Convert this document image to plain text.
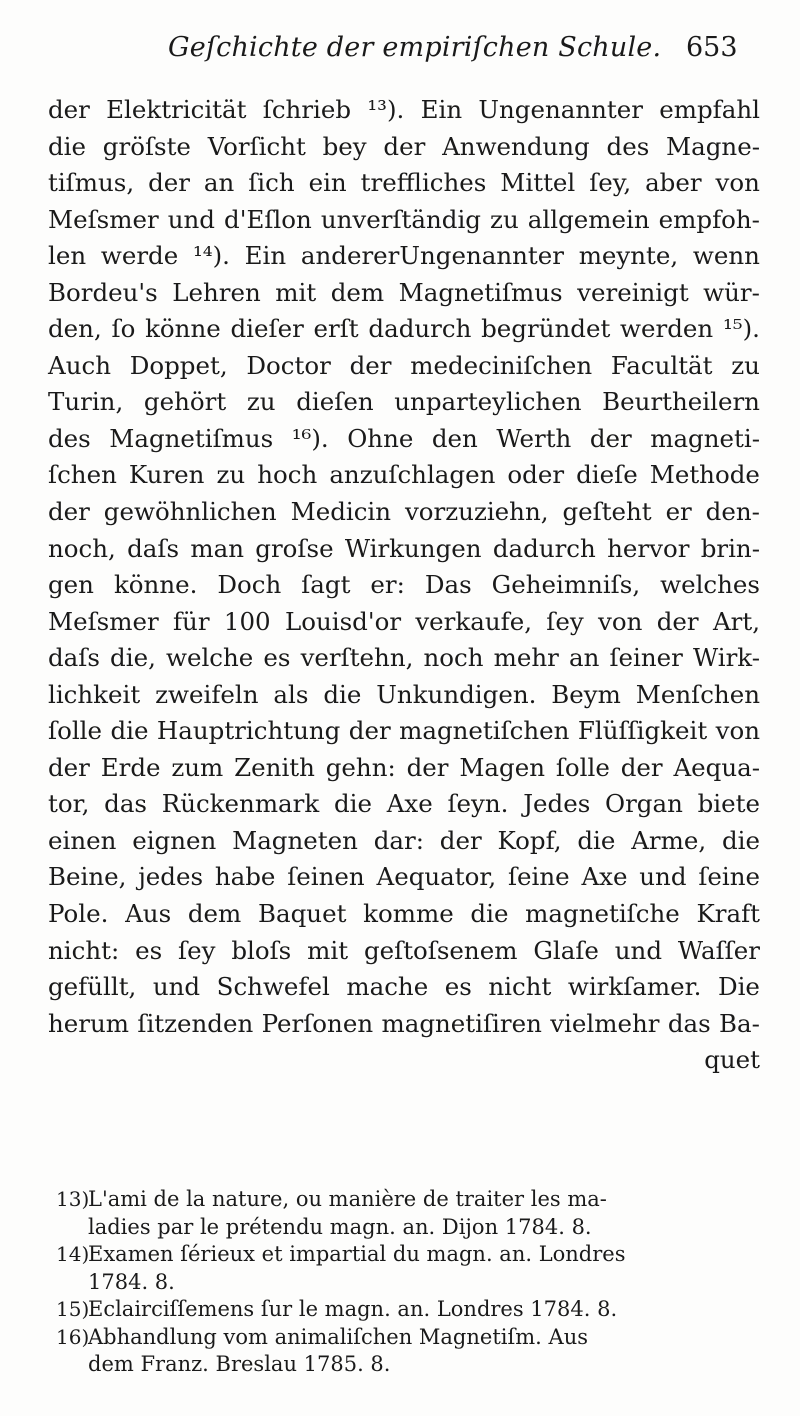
Geſchichte der empiriſchen Schule. 653
der Elektricität ſchrieb ¹³). Ein Ungenannter empfahl
die gröſste Vorſicht bey der Anwendung des Magne-
tiſmus, der an ſich ein treffliches Mittel ſey, aber von
Meſsmer und d'Eſlon unverſtändig zu allgemein empfoh-
len werde ¹⁴). Ein andererUngenannter meynte, wenn
Bordeu's Lehren mit dem Magnetiſmus vereinigt wür-
den, ſo könne dieſer erſt dadurch begründet werden ¹⁵).
Auch Doppet, Doctor der medeciniſchen Facultät zu
Turin, gehört zu dieſen unparteylichen Beurtheilern
des Magnetiſmus ¹⁶). Ohne den Werth der magneti-
ſchen Kuren zu hoch anzuſchlagen oder dieſe Methode
der gewöhnlichen Medicin vorzuziehn, geſteht er den-
noch, daſs man groſse Wirkungen dadurch hervor brin-
gen könne. Doch ſagt er: Das Geheimniſs, welches
Meſsmer für 100 Louisd'or verkaufe, ſey von der Art,
daſs die, welche es verſtehn, noch mehr an ſeiner Wirk-
lichkeit zweifeln als die Unkundigen. Beym Menſchen
ſolle die Hauptrichtung der magnetiſchen Flüſſigkeit von
der Erde zum Zenith gehn: der Magen ſolle der Aequa-
tor, das Rückenmark die Axe ſeyn. Jedes Organ biete
einen eignen Magneten dar: der Kopf, die Arme, die
Beine, jedes habe ſeinen Aequator, ſeine Axe und ſeine
Pole. Aus dem Baquet komme die magnetiſche Kraft
nicht: es ſey bloſs mit geſtoſsenem Glaſe und Waſſer
gefüllt, und Schwefel mache es nicht wirkſamer. Die
herum ſitzenden Perſonen magnetiſiren vielmehr das Ba-
quet
13)
L'ami de la nature, ou manière de traiter les ma-
ladies par le prétendu magn. an. Dijon 1784. 8.
14)
Examen ſérieux et impartial du magn. an. Londres
1784. 8.
15)
Eclairciſſemens ſur le magn. an. Londres 1784. 8.
16)
Abhandlung vom animaliſchen Magnetiſm. Aus
dem Franz. Breslau 1785. 8.
